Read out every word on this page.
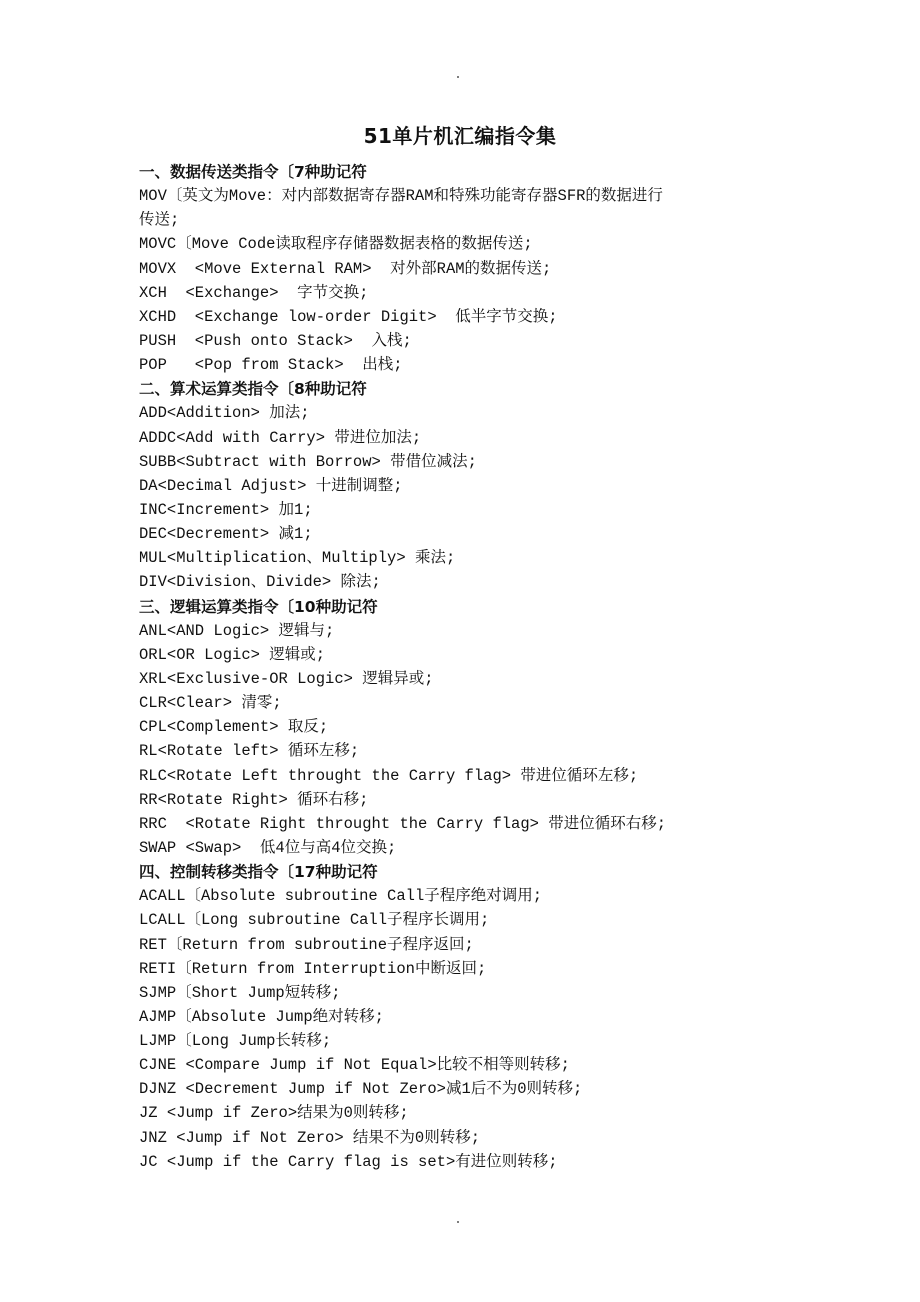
51单片机汇编指令集
一、数据传送类指令〔7种助记符
MOV〔英文为Move：对内部数据寄存器RAM和特殊功能寄存器SFR的数据进行
传送;
MOVC〔Move Code读取程序存储器数据表格的数据传送;
MOVX  <Move External RAM>  对外部RAM的数据传送;
XCH  <Exchange>  字节交换;
XCHD  <Exchange low-order Digit>  低半字节交换;
PUSH  <Push onto Stack>  入栈;
POP   <Pop from Stack>  出栈;
二、算术运算类指令〔8种助记符
ADD<Addition> 加法;
ADDC<Add with Carry> 带进位加法;
SUBB<Subtract with Borrow> 带借位减法;
DA<Decimal Adjust> 十进制调整;
INC<Increment> 加1;
DEC<Decrement> 减1;
MUL<Multiplication、Multiply> 乘法;
DIV<Division、Divide> 除法;
三、逻辑运算类指令〔10种助记符
ANL<AND Logic> 逻辑与;
ORL<OR Logic> 逻辑或;
XRL<Exclusive-OR Logic> 逻辑异或;
CLR<Clear> 清零;
CPL<Complement> 取反;
RL<Rotate left> 循环左移;
RLC<Rotate Left throught the Carry flag> 带进位循环左移;
RR<Rotate Right> 循环右移;
RRC  <Rotate Right throught the Carry flag> 带进位循环右移;
SWAP <Swap>  低4位与高4位交换;
四、控制转移类指令〔17种助记符
ACALL〔Absolute subroutine Call子程序绝对调用;
LCALL〔Long subroutine Call子程序长调用;
RET〔Return from subroutine子程序返回;
RETI〔Return from Interruption中断返回;
SJMP〔Short Jump短转移;
AJMP〔Absolute Jump绝对转移;
LJMP〔Long Jump长转移;
CJNE <Compare Jump if Not Equal>比较不相等则转移;
DJNZ <Decrement Jump if Not Zero>减1后不为0则转移;
JZ <Jump if Zero>结果为0则转移;
JNZ <Jump if Not Zero> 结果不为0则转移;
JC <Jump if the Carry flag is set>有进位则转移;
